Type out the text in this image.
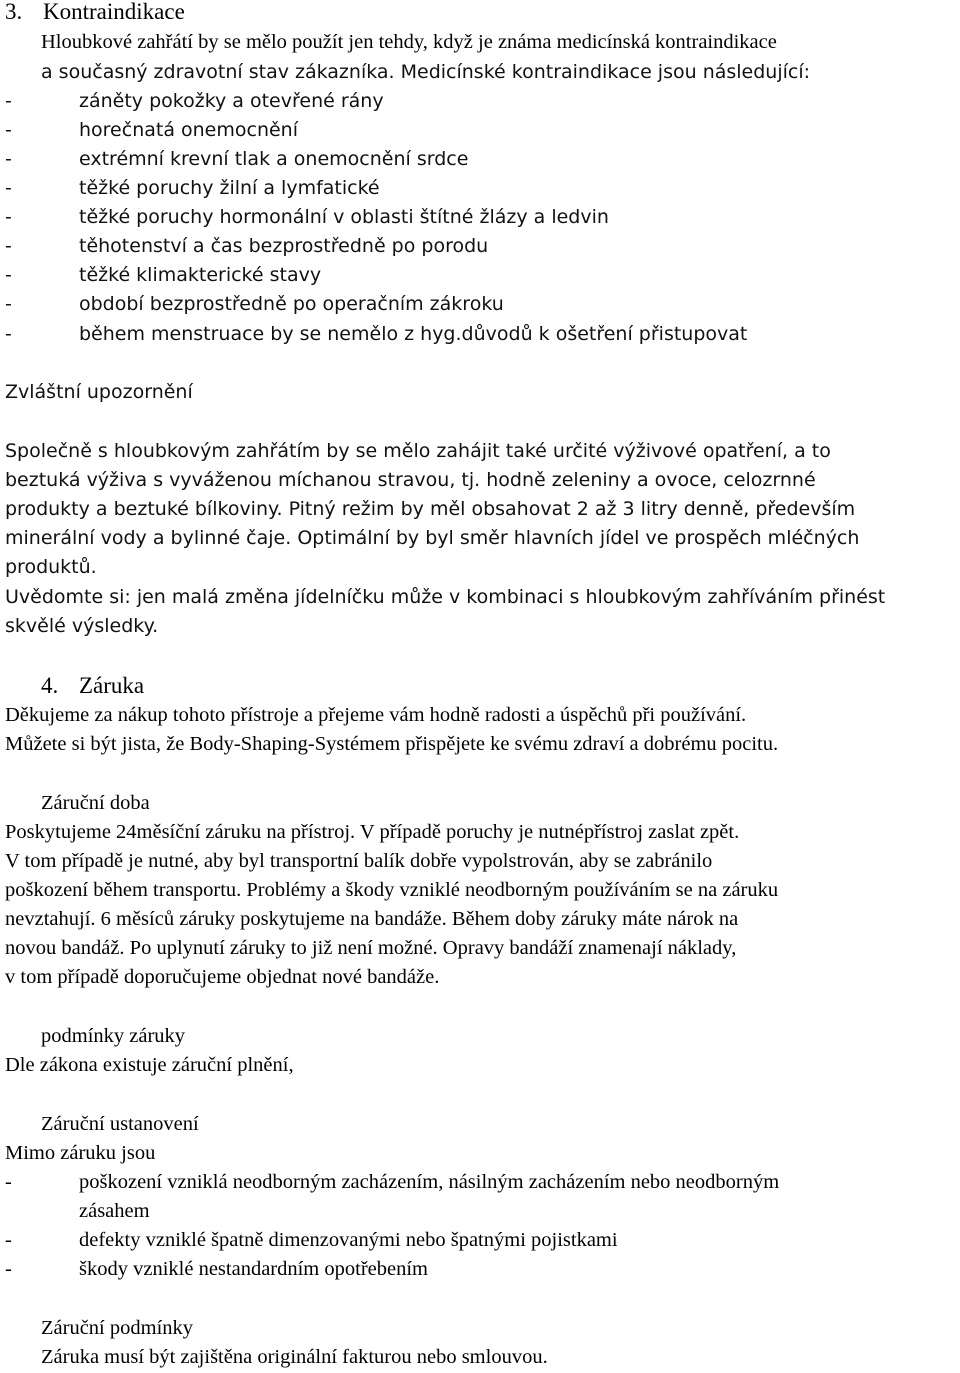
3. Kontraindikace
Hloubkové zahřátí by se mělo použít jen tehdy, když je známa medicínská kontraindikace
a současný zdravotní stav zákazníka. Medicínské kontraindikace jsou následující:
-	záněty pokožky a otevřené rány
-	horečnatá onemocnění
-	extrémní krevní tlak a onemocnění srdce
-	těžké poruchy žilní a lymfatické
-	těžké poruchy hormonální v oblasti štítné žlázy a ledvin
-	těhotenství a čas bezprostředně po porodu
-	těžké klimakterické stavy
-	období bezprostředně po operačním zákroku
-	během menstruace by se nemělo z hyg.důvodů k ošetření přistupovat
Zvláštní upozornění
Společně s hloubkovým zahřátím by se mělo zahájit také určité výživové opatření, a to
beztuká výživa s vyváženou míchanou stravou, tj. hodně zeleniny a ovoce, celozrnné
produkty a beztuké bílkoviny. Pitný režim by měl obsahovat 2 až 3 litry denně, především
minerální vody a bylinné čaje. Optimální by byl směr hlavních jídel ve prospěch mléčných
produktů.
Uvědomte si: jen malá změna jídelníčku může v kombinaci s hloubkovým zahříváním přinést
skvělé výsledky.
4. Záruka
Děkujeme za nákup tohoto přístroje a přejeme vám hodně radosti a úspěchů při používání.
Můžete si být jista, že Body-Shaping-Systémem přispějete ke svému zdraví a dobrému pocitu.
Záruční doba
Poskytujeme 24měsíční záruku na přístroj. V případě poruchy je nutnépřístroj zaslat zpět.
V tom případě je nutné, aby byl transportní balík dobře vypolstrován, aby se zabránilo
poškození během transportu. Problémy a škody vzniklé neodborným používáním se na záruku
nevztahují. 6 měsíců záruky poskytujeme na bandáže. Během doby záruky máte nárok na
novou bandáž. Po uplynutí záruky to již není možné. Opravy bandáží znamenají náklady,
v tom případě doporučujeme objednat nové bandáže.
podmínky záruky
Dle zákona existuje záruční plnění,
Záruční ustanovení
Mimo záruku jsou
-	poškození vzniklá neodborným zacházením, násilným zacházením nebo neodborným
zásahem
-	defekty vzniklé špatně dimenzovanými nebo špatnými pojistkami
-	škody vzniklé nestandardním opotřebením
Záruční podmínky
Záruka musí být zajištěna originální fakturou nebo smlouvou.
